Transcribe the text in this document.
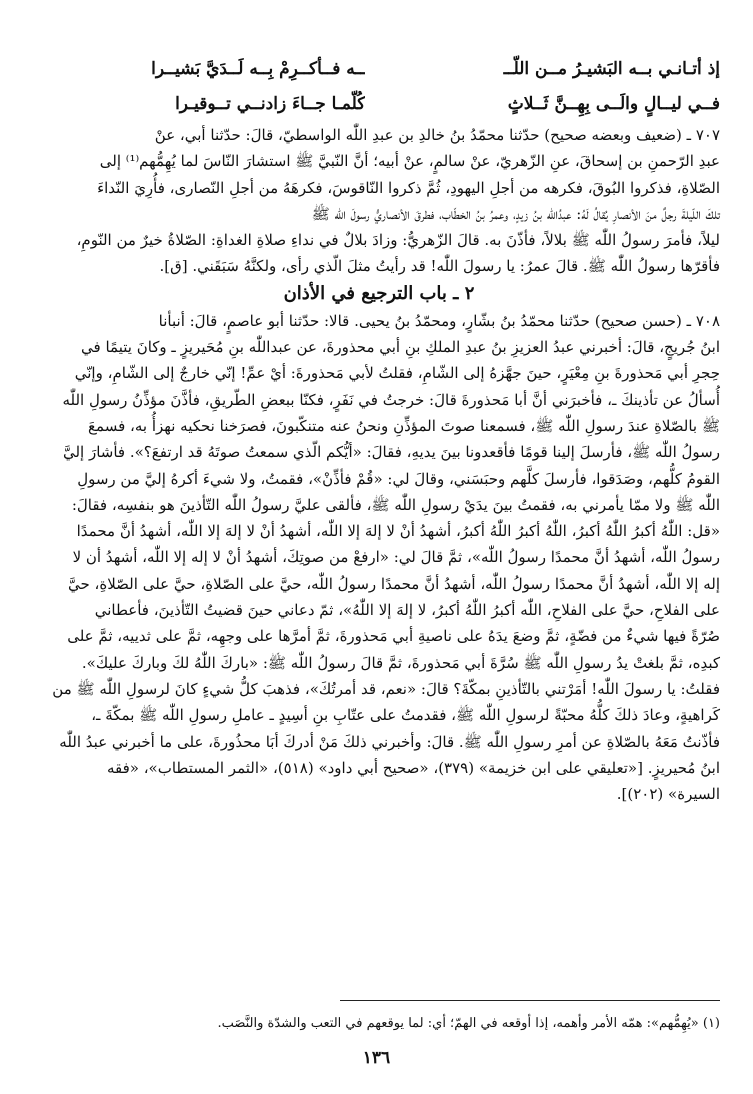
إذ أتـانـي بــه البَشيـرُ مــن اللّــ
ــه فــأكــرِمْ بِــه لَــدَيَّ بَشيــرا
فــي ليــالٍ والَــى بِهِــنَّ ثَــلاثٍ
كُلّمـا جــاءَ زادنــي تــوقيـرا

٧٠٧ ـ (ضعيف وبعضه صحيح) حدّثنا محمّدُ بنُ خالدِ بن عبدِ اللّٰه الواسطيّ، قالَ: حدّثنا أبي، عنْ

عبدِ الرّحمنِ بن إسحاقَ، عنِ الزّهريّ، عنْ سالمٍ، عنْ أبيه؛ أنَّ النّبيَّ ﷺ استشارَ النّاسَ لما يُهِمُّهم⁽¹⁾ إلى

الصّلاةِ، فذكروا البُوقَ، فكرهه من أجلِ اليهودِ، ثُمَّ ذكروا النّاقوسَ، فكرهَهُ من أجلِ النّصارى، فأُرِيَ النّداءَ

تلكَ اللّيلةَ رجلٌ منَ الأنصارِ يُقالُ لَهُ: عبدُاللّٰه بنُ زيدٍ، وعمرُ بنُ الخطّاب، فطرقَ الأنصاريُّ رسولَ اللّٰه ﷺ

ليلاً، فأمرَ رسولُ اللّٰه ﷺ بلالاً، فأذّنَ به. قالَ الزّهريُّ: وزادَ بلالٌ في نداءِ صلاةِ الغداةِ: الصّلاةُ خيرٌ من النّومِ،

فأقرّها رسولُ اللّٰه ﷺ. قالَ عمرُ: يا رسولَ اللّٰه! قد رأيتُ مثلَ الّذي رأى، ولكنَّهُ سَبَقَني. [ق].

٢ ـ باب الترجيع في الأذان

٧٠٨ ـ (حسن صحيح) حدّثنا محمّدُ بنُ بشّارٍ، ومحمّدُ بنُ يحيى. قالا: حدّثنا أبو عاصمٍ، قالَ: أنبأنا

ابنُ جُريجٍ، قالَ: أخبرني عبدُ العزيزِ بنُ عبدِ الملكِ بنِ أبي محذورةَ، عن عبداللّٰه بنِ مُحَيريزٍ ـ وكانَ يتيمًا في

حِجرِ أبي مَحذورةَ بنِ مِعْيَرٍ، حينَ جهَّزهُ إلى الشّامِ، فقلتُ لأبي مَحذورةَ: أيْ عمِّ! إنّي خارجٌ إلى الشّامِ، وإنّي

أُسألُ عن تأذينكَ ـ، فأخبرَني أنَّ أبا مَحذورةَ قالَ: خرجتُ في نَفَرٍ، فكنّا ببعضِ الطّريقِ، فأذَّنَ مؤذِّنُ رسولِ اللّٰه

ﷺ بالصّلاةِ عندَ رسولِ اللّٰه ﷺ، فسمعنا صوتَ المؤذِّنِ ونحنُ عنه متنكّبونَ، فصرَخنا نحكيه نهزأُ به، فسمعَ

رسولُ اللّٰه ﷺ، فأرسلَ إلينا قومًا فأقعدونا بينَ يديهِ، فقالَ: «أيُّكم الّذي سمعتُ صوتَهُ قد ارتفعَ؟». فأشارَ إليَّ

القومُ كلُّهم، وصَدَقوا، فأرسلَ كلَّهم وحبَسَني، وقالَ لي: «قُمْ فأذِّنْ»، فقمتُ، ولا شيءَ أكرهُ إليَّ من رسولِ

اللّٰه ﷺ ولا ممّا يأمرني به، فقمتُ بينَ يدَيْ رسولِ اللّٰه ﷺ، فألقى عليَّ رسولُ اللّٰه التّأذينَ هو بنفسِه، فقالَ:

«قل: اللّٰهُ أكبرُ اللّٰهُ أكبرُ، اللّٰهُ أكبرُ اللّٰهُ أكبرُ، أشهدُ أنْ لا إلهَ إلا اللّٰه، أشهدُ أنْ لا إلهَ إلا اللّٰه، أشهدُ أنَّ محمدًا

رسولُ اللّٰه، أشهدُ أنَّ محمدًا رسولُ اللّٰه»، ثمَّ قالَ لي: «ارفعْ من صوتِكَ، أشهدُ أنْ لا إله إلا اللّٰه، أشهدُ أن لا

إله إلا اللّٰه، أشهدُ أنَّ محمدًا رسولُ اللّٰه، أشهدُ أنَّ محمدًا رسولُ اللّٰه، حيَّ على الصّلاةِ، حيَّ على الصّلاةِ، حيَّ

على الفلاحِ، حيَّ على الفلاحِ، اللّٰه أكبرُ اللّٰهُ أكبرُ، لا إلهَ إلا اللّٰهُ»، ثمّ دعاني حينَ قضيتُ التّأذينَ، فأعطاني

صُرّةً فيها شيءٌ من فضّةٍ، ثمَّ وضعَ يدَهُ على ناصيةِ أبي مَحذورةَ، ثمَّ أمرَّها على وجهِه، ثمَّ على ثدييه، ثمَّ على

كبدِه، ثمَّ بلغتْ يدُ رسولِ اللّٰه ﷺ سُرَّةَ أبي مَحذورةَ، ثمَّ قالَ رسولُ اللّٰه ﷺ: «باركَ اللّٰهُ لكَ وباركَ عليكَ».

فقلتُ: يا رسولَ اللّٰه! أمَرْتني بالتّأذينِ بمكّةَ؟ قالَ: «نعم، قد أمرتُكَ»، فذهبَ كلُّ شيءٍ كانَ لرسولِ اللّٰه ﷺ من

كَراهيةٍ، وعادَ ذلكَ كلُّهُ محبّةً لرسولِ اللّٰه ﷺ، فقدمتُ على عتّابِ بنِ أسِيدٍ ـ عاملِ رسولِ اللّٰه ﷺ بمكّةَ ـ،

فأذّنتُ مَعَهُ بالصّلاةِ عن أمرِ رسولِ اللّٰه ﷺ. قالَ: وأخبرني ذلكَ مَنْ أدركَ أبَا محذُورةَ، على ما أخبرني عبدُ اللّٰه

ابنُ مُحيريزٍ. [«تعليقي على ابن خزيمة» (٣٧٩)، «صحيح أبي داود» (٥١٨)، «الثمر المستطاب»، «فقه

السيرة» (٢٠٢)].

(١) «يُهِمُّهم»: همّه الأمر وأهمه، إذا أوقعه في الهمّ؛ أي: لما يوقعهم في التعب والشدّة والنَّصَب.
١٣٦
